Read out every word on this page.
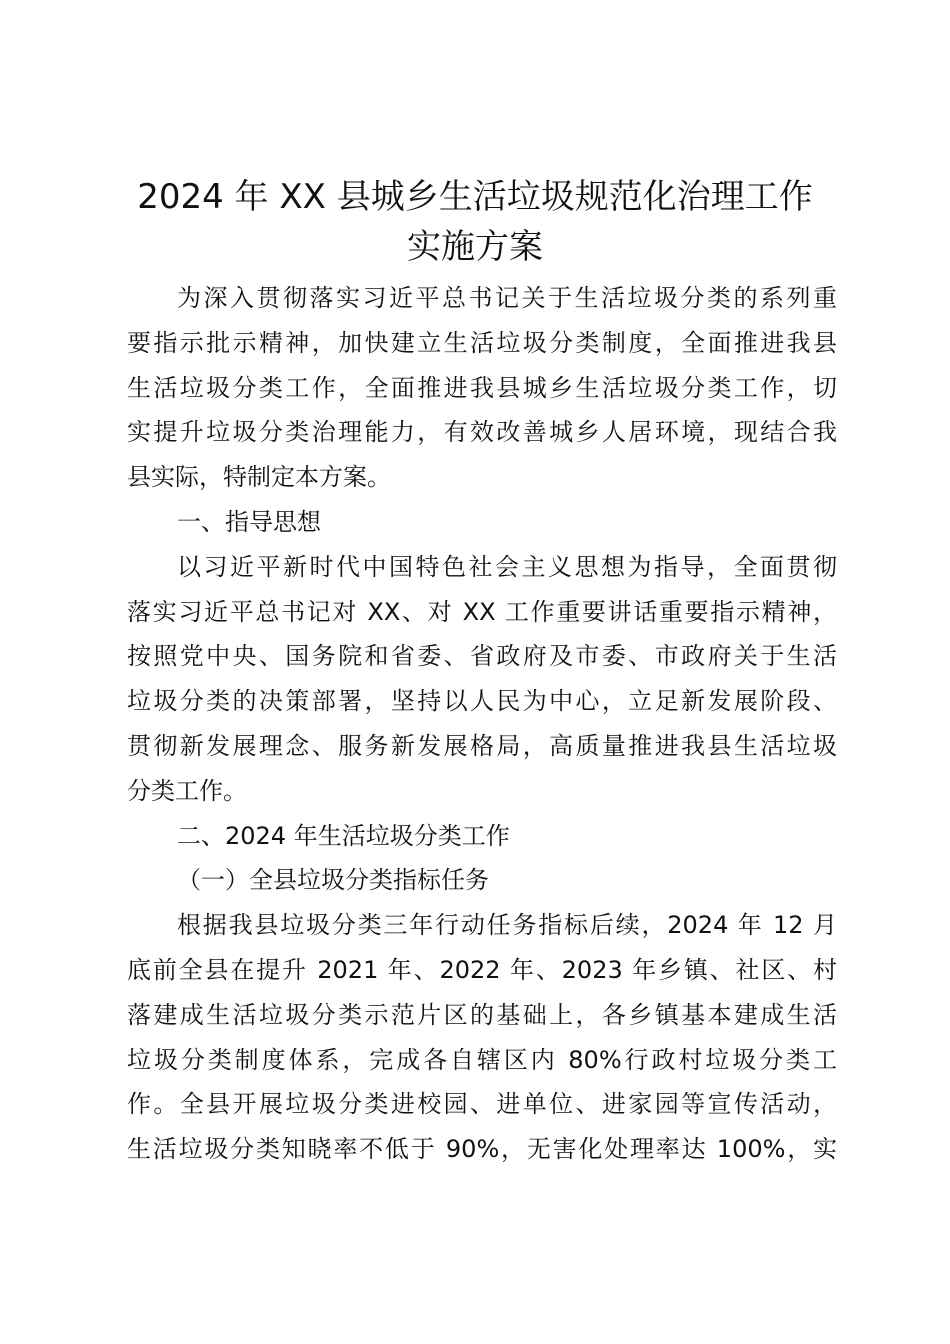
2024 年 XX 县城乡生活垃圾规范化治理工作
实施方案
为深入贯彻落实习近平总书记关于生活垃圾分类的系列重
要指示批示精神，加快建立生活垃圾分类制度，全面推进我县
生活垃圾分类工作，全面推进我县城乡生活垃圾分类工作，切
实提升垃圾分类治理能力，有效改善城乡人居环境，现结合我
县实际，特制定本方案。
一、指导思想
以习近平新时代中国特色社会主义思想为指导，全面贯彻
落实习近平总书记对 XX、对 XX 工作重要讲话重要指示精神，
按照党中央、国务院和省委、省政府及市委、市政府关于生活
垃圾分类的决策部署，坚持以人民为中心，立足新发展阶段、
贯彻新发展理念、服务新发展格局，高质量推进我县生活垃圾
分类工作。
二、2024 年生活垃圾分类工作
（一）全县垃圾分类指标任务
根据我县垃圾分类三年行动任务指标后续，2024 年 12 月
底前全县在提升 2021 年、2022 年、2023 年乡镇、社区、村
落建成生活垃圾分类示范片区的基础上，各乡镇基本建成生活
垃圾分类制度体系，完成各自辖区内 80%行政村垃圾分类工
作。全县开展垃圾分类进校园、进单位、进家园等宣传活动，
生活垃圾分类知晓率不低于 90%，无害化处理率达 100%，实
